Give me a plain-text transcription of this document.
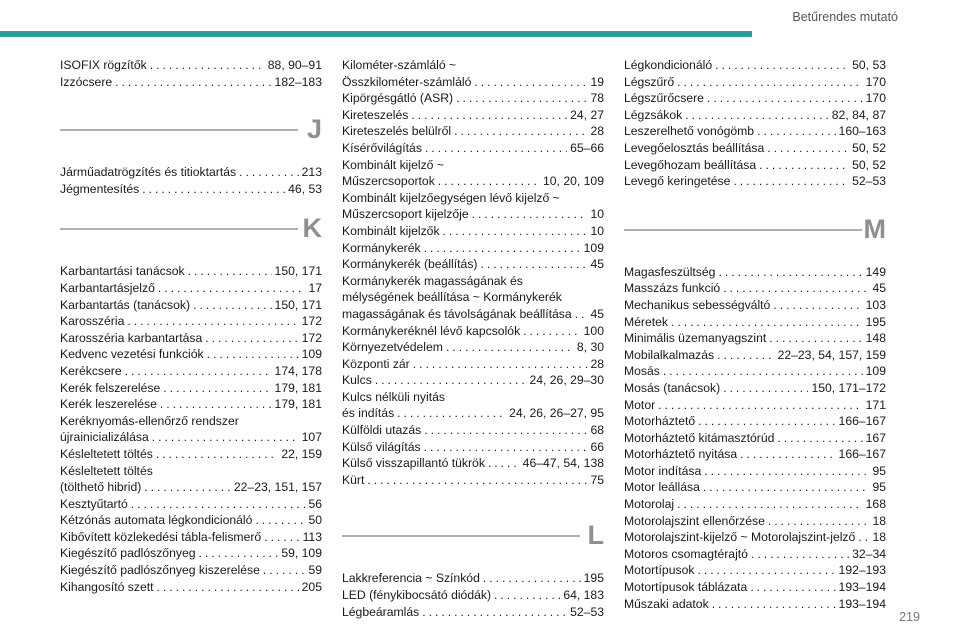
Betűrendes mutató
ISOFIX rögzítők . . .	88, 90–91
Izzócsere . . .	182–183
J
Járműadatrögzítés és titioktartás . . .	213
Jégmentesítés . . .	46, 53
K
Karbantartási tanácsok . . .	150, 171
Karbantartásjelző . . .	17
Karbantartás (tanácsok) . . .	150, 171
Karosszéria . . .	172
Karosszéria karbantartása . . .	172
Kedvenc vezetési funkciók . . .	109
Kerékcsere . . .	174, 178
Kerék felszerelése . . .	179, 181
Kerék leszerelése . . .	179, 181
Keréknyomás-ellenőrző rendszer
újrainicializálása . . .	107
Késleltetett töltés . . .	22, 159
Késleltetett töltés
(tölthető hibrid) . . .	22–23, 151, 157
Kesztyűtartó . . .	56
Kétzónás automata légkondicionáló . . .	50
Kibővített közlekedési tábla-felismerő . . .	113
Kiegészítő padlószőnyeg . . .	59, 109
Kiegészítő padlószőnyeg kiszerelése . . .	59
Kihangosító szett . . .	205
Kilométer-számláló ~
Összkilométer-számláló . . .	19
Kipörgésgátló (ASR) . . .	78
Kireteszelés . . .	24, 27
Kireteszelés belülről . . .	28
Kísérővilágítás . . .	65–66
Kombinált kijelző ~
Műszercsoportok . . .	10, 20, 109
Kombinált kijelzőegységen lévő kijelző ~
Műszercsoport kijelzője . . .	10
Kombinált kijelzők . . .	10
Kormánykerék . . .	109
Kormánykerék (beállítás) . . .	45
Kormánykerék magasságának és
mélységének beállítása ~ Kormánykerék
magasságának és távolságának beállítása . . . 45
Kormánykeréknél lévő kapcsolók . . .	100
Környezetvédelem . . .	8, 30
Központi zár . . .	28
Kulcs . . .	24, 26, 29–30
Kulcs nélküli nyitás
és indítás . . .	24, 26, 26–27, 95
Külföldi utazás . . .	68
Külső világítás . . .	66
Külső visszapillantó tükrök . . .	46–47, 54, 138
Kürt . . .	75
L
Lakkreferencia ~ Színkód . . .	195
LED (fénykibocsátó diódák) . . .	64, 183
Légbeáramlás . . .	52–53
Légkondicionáló . . .	50, 53
Légszűrő . . .	170
Légszűrőcsere . . .	170
Légzsákok . . .	82, 84, 87
Leszerelhető vonógömb . . .	160–163
Levegőelosztás beállítása . . .	50, 52
Levegőhozam beállítása . . .	50, 52
Levegő keringetése . . .	52–53
M
Magasfeszültség . . .	149
Masszázs funkció . . .	45
Mechanikus sebességváltó . . .	103
Méretek . . .	195
Minimális üzemanyagszint . . .	148
Mobilalkalmazás . . .	22–23, 54, 157, 159
Mosás . . .	109
Mosás (tanácsok) . . .	150, 171–172
Motor . . .	171
Motorháztető . . .	166–167
Motorháztető kitámasztórúd . . .	167
Motorháztető nyitása . . .	166–167
Motor indítása . . .	95
Motor leállása . . .	95
Motorolaj . . .	168
Motorolajszint ellenőrzése . . .	18
Motorolajszint-kijelző ~ Motorolajszint-jelző . . . 18
Motoros csomagtérajtó . . .	32–34
Motortípusok . . .	192–193
Motortípusok táblázata . . .	193–194
Műszaki adatok . . .	193–194
219
